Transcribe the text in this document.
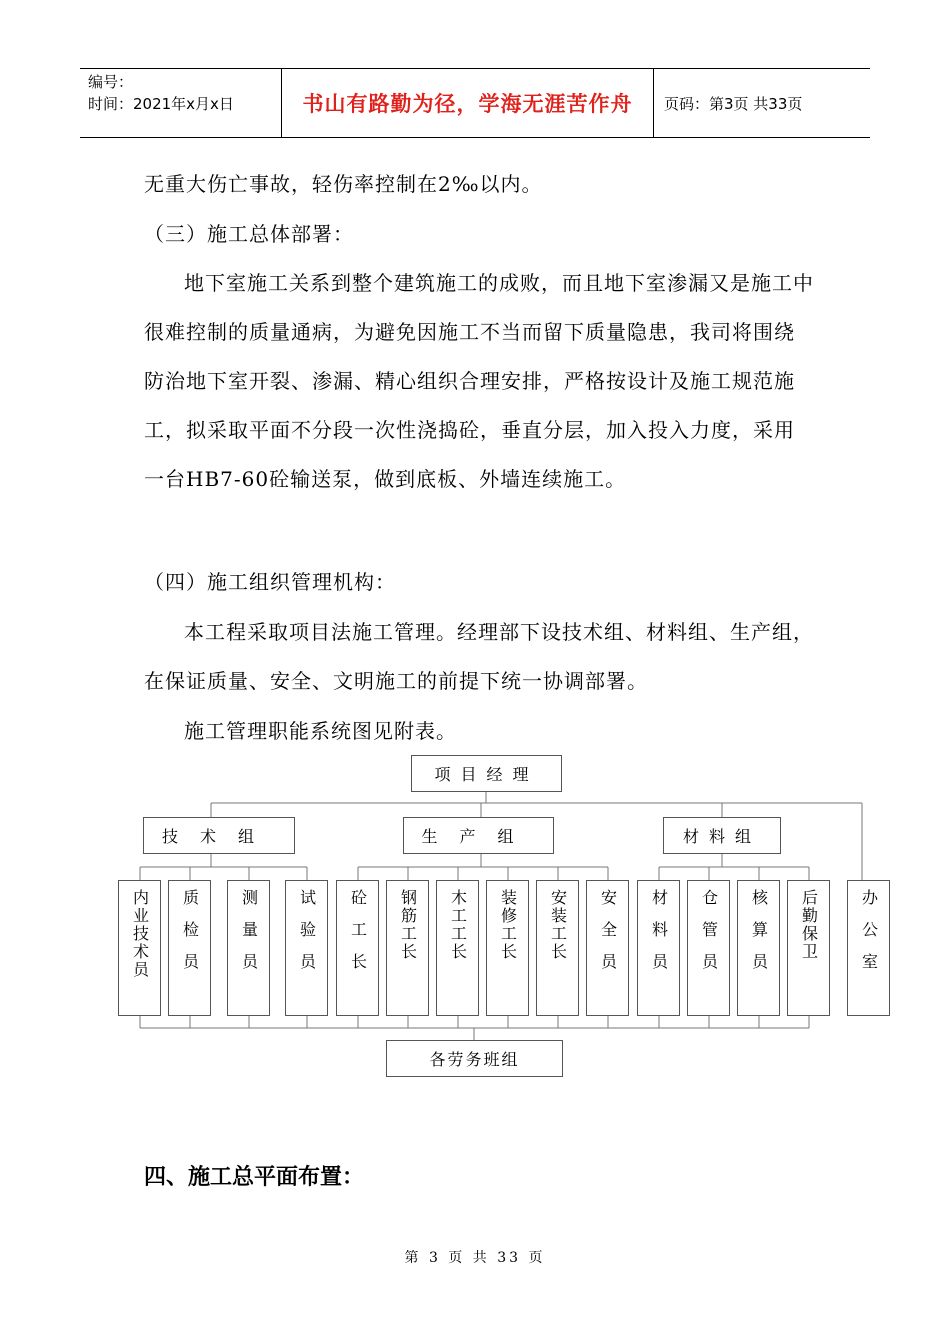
编号：
时间：2021年x月x日	书山有路勤为径，学海无涯苦作舟	页码：第3页 共33页

无重大伤亡事故，轻伤率控制在2‰以内。

（三）施工总体部署：

地下室施工关系到整个建筑施工的成败，而且地下室渗漏又是施工中很难控制的质量通病，为避免因施工不当而留下质量隐患，我司将围绕防治地下室开裂、渗漏、精心组织合理安排，严格按设计及施工规范施工，拟采取平面不分段一次性浇捣砼，垂直分层，加入投入力度，采用一台HB7-60砼输送泵，做到底板、外墙连续施工。

（四）施工组织管理机构：

本工程采取项目法施工管理。经理部下设技术组、材料组、生产组，在保证质量、安全、文明施工的前提下统一协调部署。

施工管理职能系统图见附表。

项目经理
技术组	生产组	材料组
内业技术员	质检员	测量员	试验员	砼工长	钢筋工长	木工工长	装修工长	安装工长	安全员	材料员	仓管员	核算员	后勤保卫	办公室
各劳务班组
四、施工总平面布置：
第 3 页 共 33 页
